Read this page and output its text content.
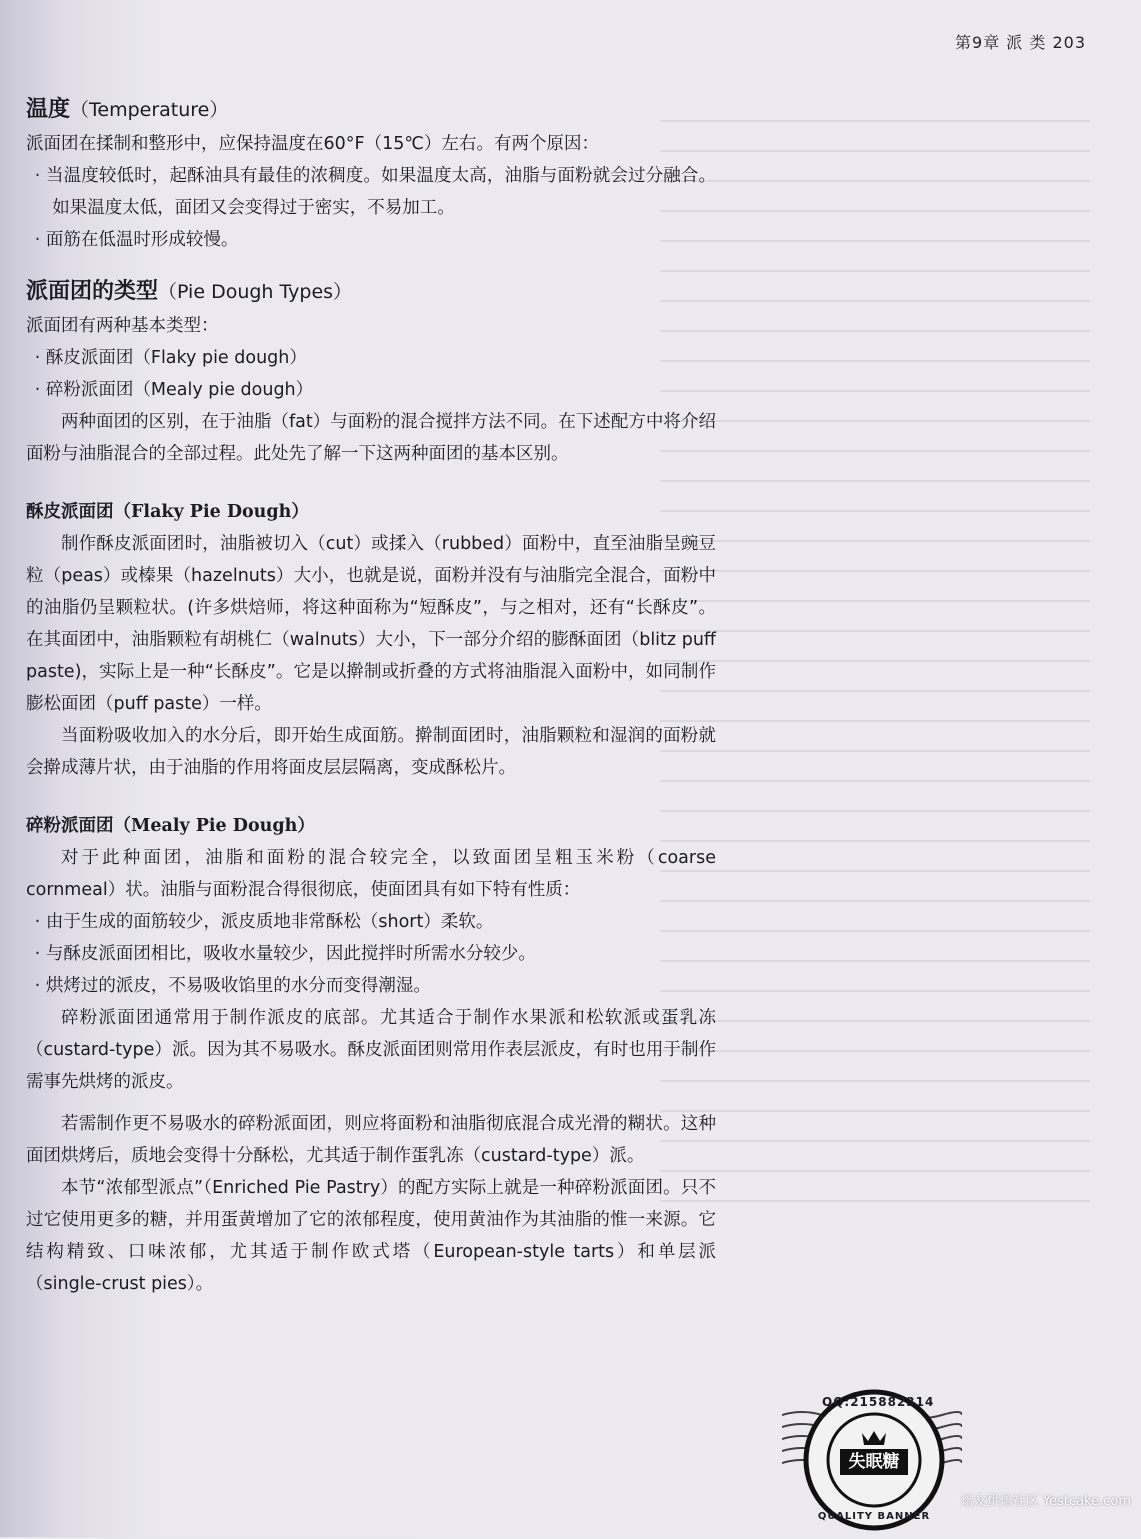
第9章 派 类 203
温度（Temperature）

派面团在揉制和整形中，应保持温度在60°F（15℃）左右。有两个原因：

· 当温度较低时，起酥油具有最佳的浓稠度。如果温度太高，油脂与面粉就会过分融合。如果温度太低，面团又会变得过于密实，不易加工。

· 面筋在低温时形成较慢。

派面团的类型（Pie Dough Types）

派面团有两种基本类型：

· 酥皮派面团（Flaky pie dough）

· 碎粉派面团（Mealy pie dough）

两种面团的区别，在于油脂（fat）与面粉的混合搅拌方法不同。在下述配方中将介绍面粉与油脂混合的全部过程。此处先了解一下这两种面团的基本区别。

酥皮派面团（Flaky Pie Dough）

制作酥皮派面团时，油脂被切入（cut）或揉入（rubbed）面粉中，直至油脂呈豌豆粒（peas）或榛果（hazelnuts）大小，也就是说，面粉并没有与油脂完全混合，面粉中的油脂仍呈颗粒状。(许多烘焙师，将这种面称为“短酥皮”，与之相对，还有“长酥皮”。在其面团中，油脂颗粒有胡桃仁（walnuts）大小，下一部分介绍的膨酥面团（blitz puff paste)，实际上是一种“长酥皮”。它是以擀制或折叠的方式将油脂混入面粉中，如同制作膨松面团（puff paste）一样。

当面粉吸收加入的水分后，即开始生成面筋。擀制面团时，油脂颗粒和湿润的面粉就会擀成薄片状，由于油脂的作用将面皮层层隔离，变成酥松片。

碎粉派面团（Mealy Pie Dough）

对于此种面团，油脂和面粉的混合较完全，以致面团呈粗玉米粉（coarse cornmeal）状。油脂与面粉混合得很彻底，使面团具有如下特有性质：

· 由于生成的面筋较少，派皮质地非常酥松（short）柔软。

· 与酥皮派面团相比，吸收水量较少，因此搅拌时所需水分较少。

· 烘烤过的派皮，不易吸收馅里的水分而变得潮湿。

碎粉派面团通常用于制作派皮的底部。尤其适合于制作水果派和松软派或蛋乳冻（custard-type）派。因为其不易吸水。酥皮派面团则常用作表层派皮，有时也用于制作需事先烘烤的派皮。

若需制作更不易吸水的碎粉派面团，则应将面粉和油脂彻底混合成光滑的糊状。这种面团烘烤后，质地会变得十分酥松，尤其适于制作蛋乳冻（custard-type）派。

本节“浓郁型派点”（Enriched Pie Pastry）的配方实际上就是一种碎粉派面团。只不过它使用更多的糖，并用蛋黄增加了它的浓郁程度，使用黄油作为其油脂的惟一来源。它结构精致、口味浓郁，尤其适于制作欧式塔（European-style tarts）和单层派（single-crust pies）。

QQ:215882314
失眠糖
QUALITY BANNER
焙友烘焙社区 Yestcake.com
